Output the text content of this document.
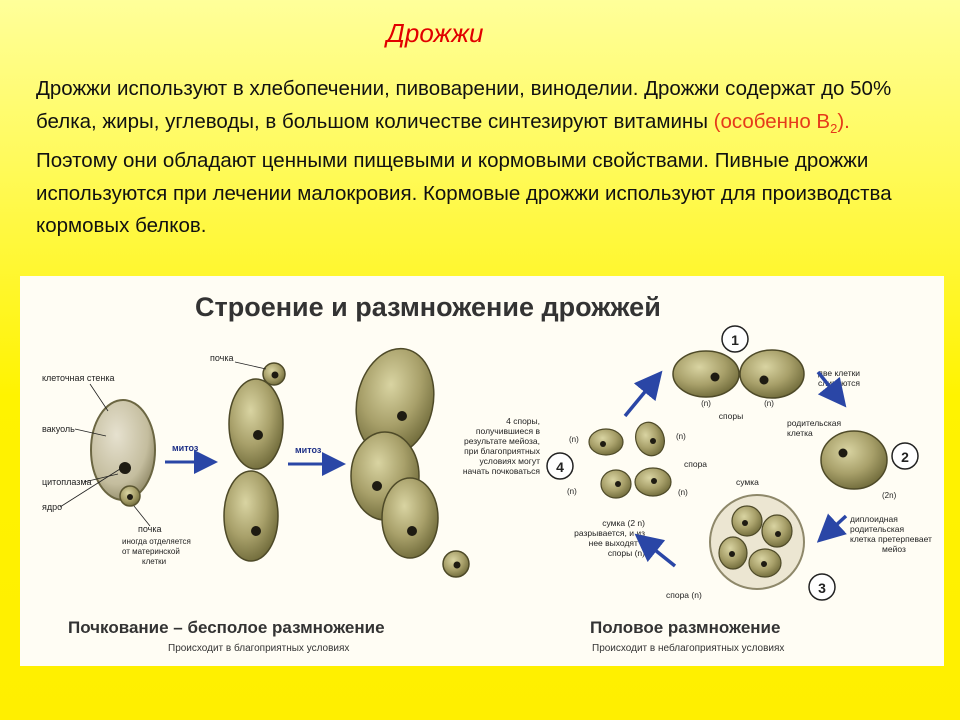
Дрожжи
Дрожжи используют в хлебопечении, пивоварении, виноделии. Дрожжи содержат до 50% белка, жиры, углеводы, в большом количестве синтезируют витамины (особенно $В_2$). Поэтому они обладают ценными пищевыми и кормовыми свойствами. Пивные дрожжи используются при лечении малокровия. Кормовые дрожжи используют для производства кормовых белков.
Строение и размножение дрожжей
клеточная стенка
вакуоль
цитоплазма
ядро
почка
иногда отделяется
от материнской
клетки
митоз
почка
митоз
4 споры,
получившиеся в
результате мейоза,
при благоприятных
условиях могут
начать почковаться
1
(n)	(n)
споры
две клетки
сливаются
2
(2n)
родительская
клетка
3
сумка
диплоидная
родительская
клетка претерпевает
мейоз
спора (n)
сумка (2 n)
разрывается, и из
нее выходят 4
споры (n)
4
(n)	(n)
(n)	(n)
спора
Почкование – бесполое размножение
Происходит в благоприятных условиях
Половое размножение
Происходит в неблагоприятных условиях
